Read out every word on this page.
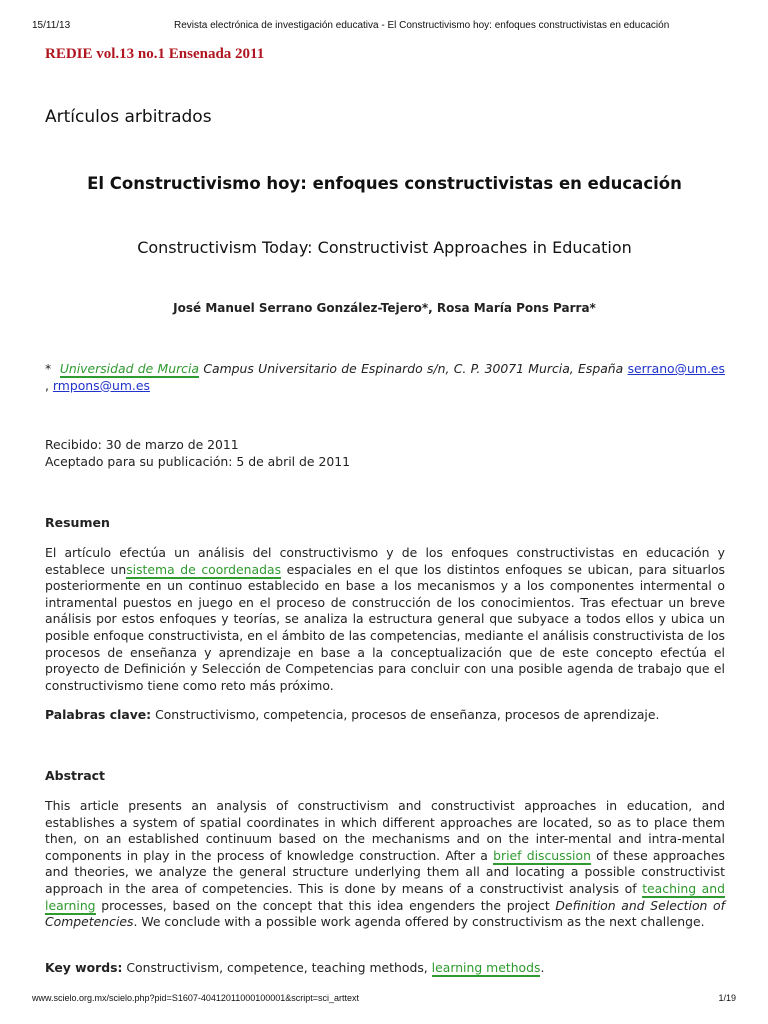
15/11/13	Revista electrónica de investigación educativa - El Constructivismo hoy: enfoques constructivistas en educación
REDIE vol.13 no.1 Ensenada 2011
Artículos arbitrados
El Constructivismo hoy: enfoques constructivistas en educación
Constructivism Today: Constructivist Approaches in Education
José Manuel Serrano González-Tejero*, Rosa María Pons Parra*
* Universidad de Murcia Campus Universitario de Espinardo s/n, C. P. 30071 Murcia, España serrano@um.es , rmpons@um.es
Recibido: 30 de marzo de 2011
Aceptado para su publicación: 5 de abril de 2011
Resumen
El artículo efectúa un análisis del constructivismo y de los enfoques constructivistas en educación y establece unsistema de coordenadas espaciales en el que los distintos enfoques se ubican, para situarlos posteriormente en un continuo establecido en base a los mecanismos y a los componentes intermental o intramental puestos en juego en el proceso de construcción de los conocimientos. Tras efectuar un breve análisis por estos enfoques y teorías, se analiza la estructura general que subyace a todos ellos y ubica un posible enfoque constructivista, en el ámbito de las competencias, mediante el análisis constructivista de los procesos de enseñanza y aprendizaje en base a la conceptualización que de este concepto efectúa el proyecto de Definición y Selección de Competencias para concluir con una posible agenda de trabajo que el constructivismo tiene como reto más próximo.
Palabras clave: Constructivismo, competencia, procesos de enseñanza, procesos de aprendizaje.
Abstract
This article presents an analysis of constructivism and constructivist approaches in education, and establishes a system of spatial coordinates in which different approaches are located, so as to place them then, on an established continuum based on the mechanisms and on the inter-mental and intra-mental components in play in the process of knowledge construction. After a brief discussion of these approaches and theories, we analyze the general structure underlying them all and locating a possible constructivist approach in the area of competencies. This is done by means of a constructivist analysis of teaching and learning processes, based on the concept that this idea engenders the project Definition and Selection of Competencies. We conclude with a possible work agenda offered by constructivism as the next challenge.
Key words: Constructivism, competence, teaching methods, learning methods.
www.scielo.org.mx/scielo.php?pid=S1607-40412011000100001&script=sci_arttext	1/19
